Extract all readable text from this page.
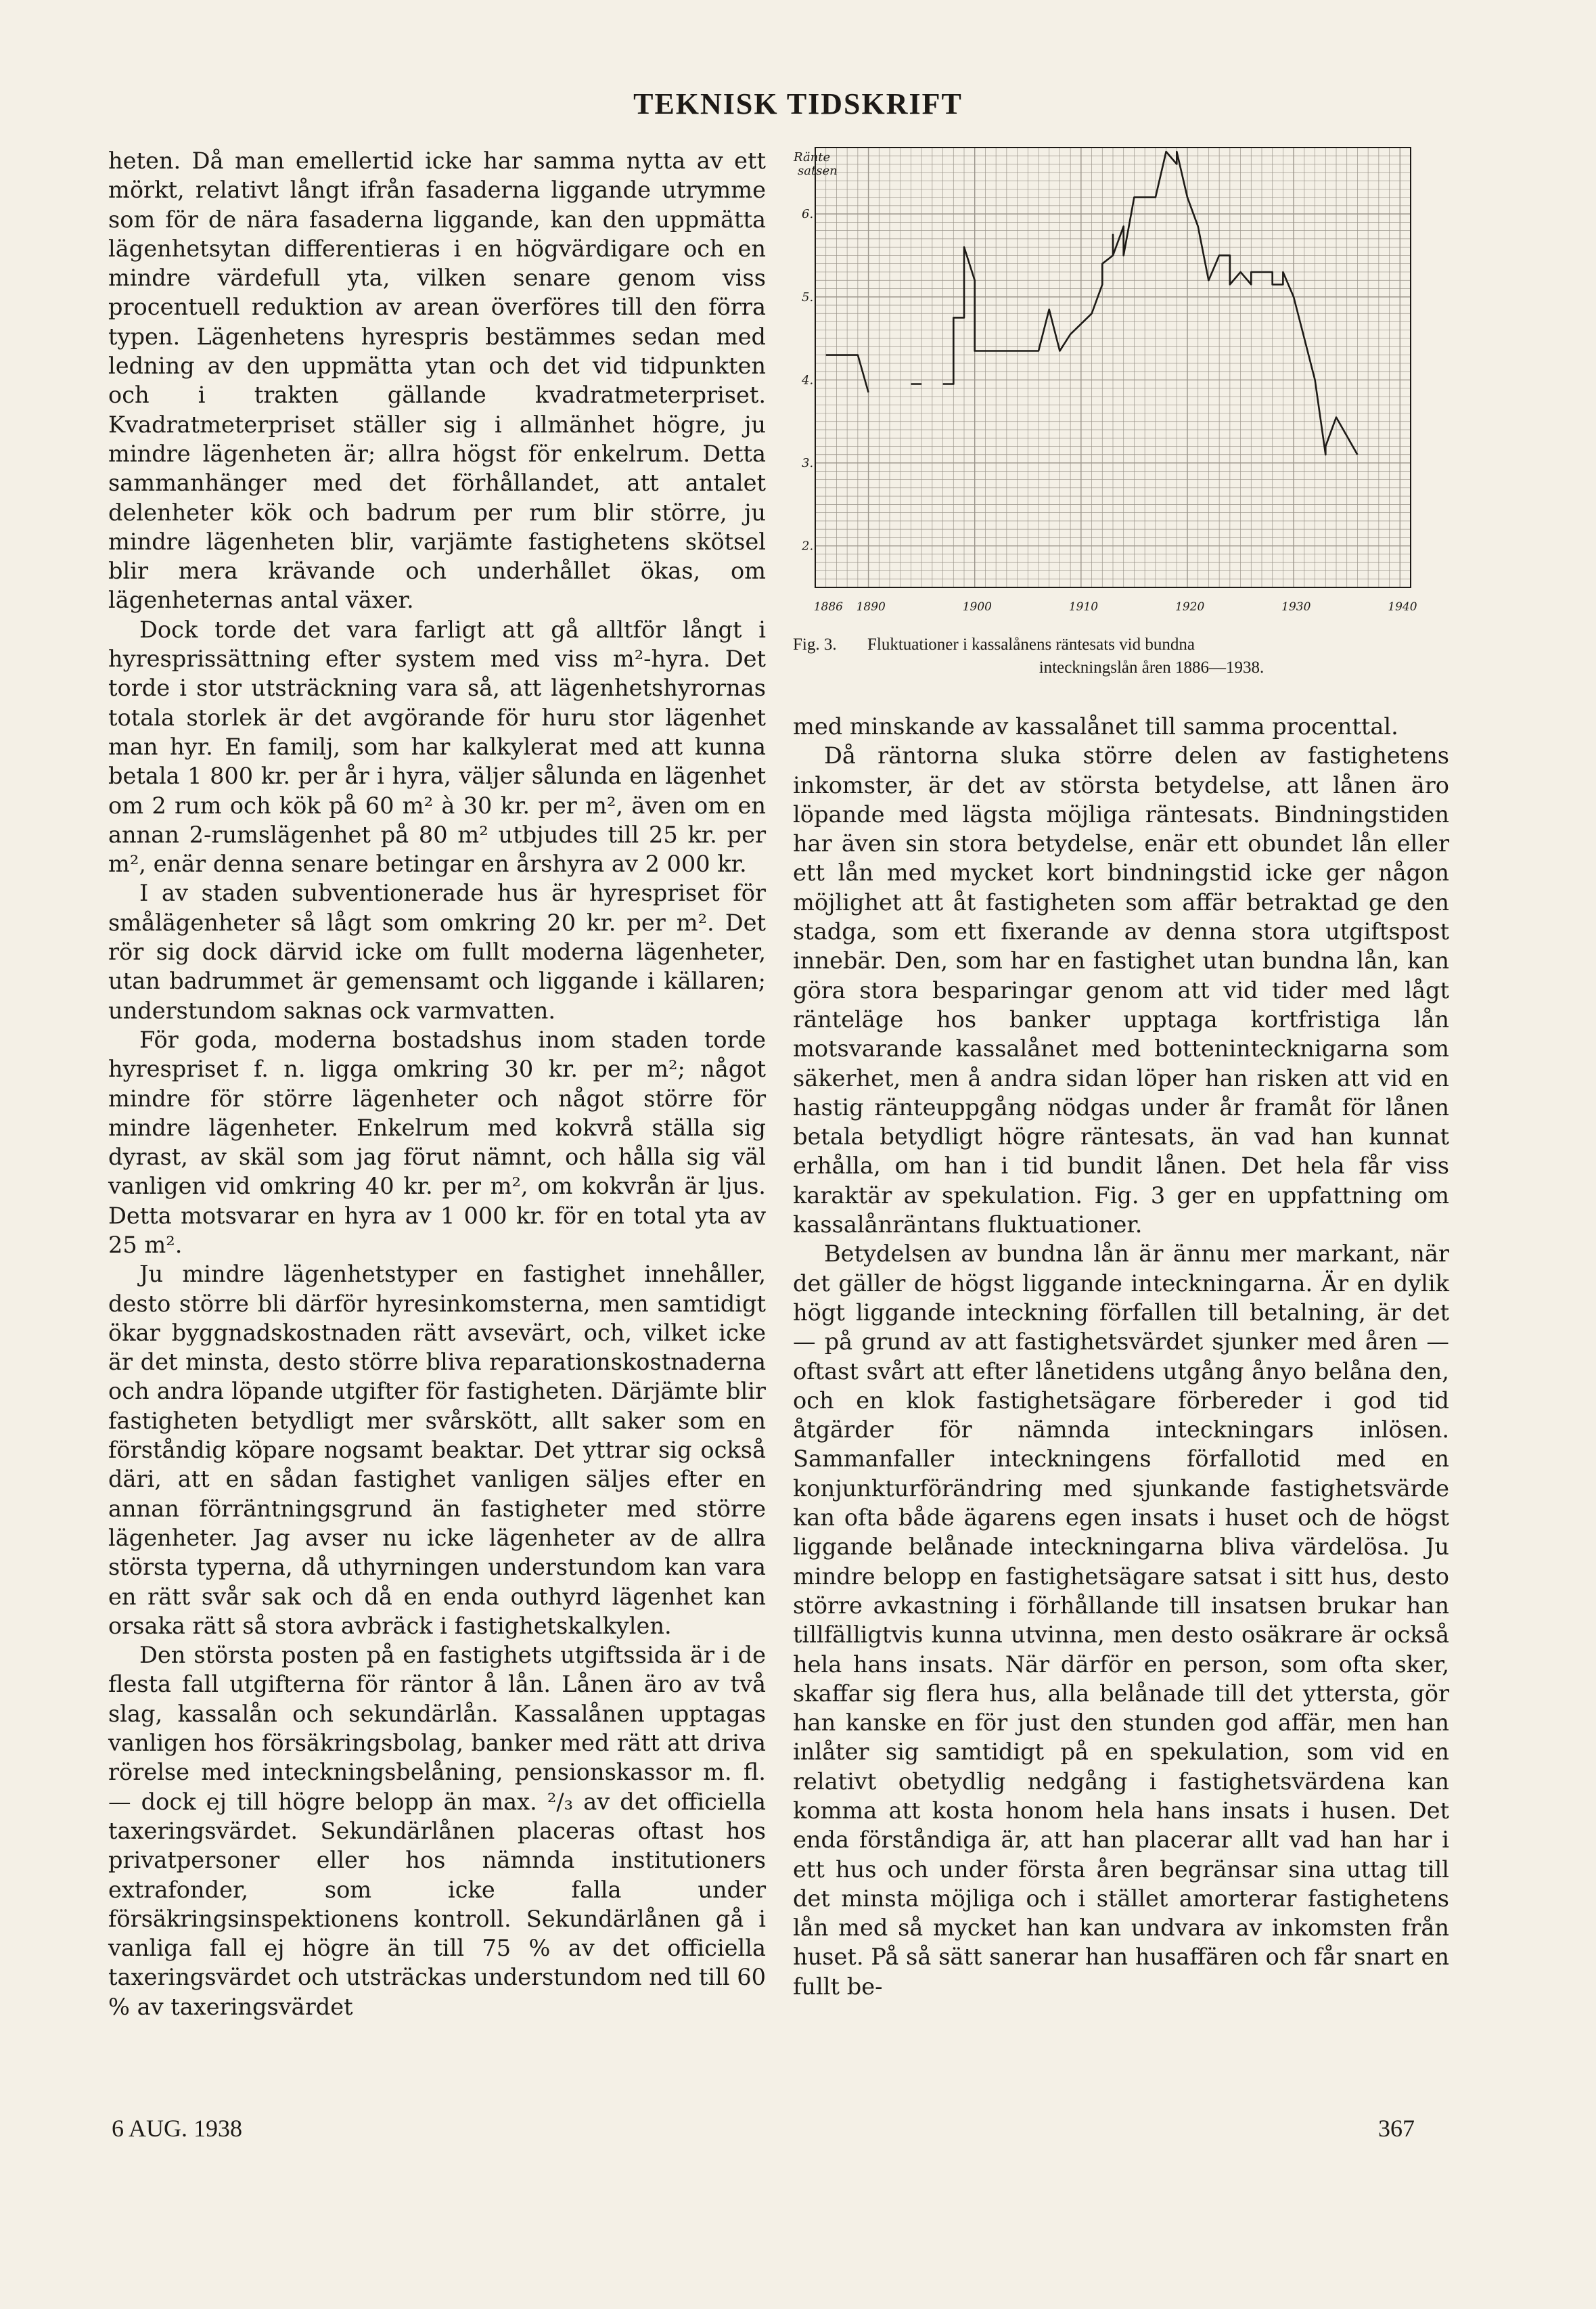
TEKNISK TIDSKRIFT
Ränte satsen
2.
3.
4.
5.
6.
1886 1890	1900	1910	1920	1930	1940
Fig. 3. Fluktuationer i kassalånens räntesats vid bundna
inteckningslån åren 1886—1938.

heten. Då man emellertid icke har samma nytta av ett mörkt, relativt långt ifrån fasaderna liggande utrymme som för de nära fasaderna liggande, kan den uppmätta lägenhetsytan differentieras i en högvärdigare och en mindre värdefull yta, vilken senare genom viss procentuell reduktion av arean överföres till den förra typen. Lägenhetens hyrespris bestämmes sedan med ledning av den uppmätta ytan och det vid tidpunkten och i trakten gällande kvadratmeterpriset. Kvadratmeterpriset ställer sig i allmänhet högre, ju mindre lägenheten är; allra högst för enkelrum. Detta sammanhänger med det förhållandet, att antalet delenheter kök och badrum per rum blir större, ju mindre lägenheten blir, varjämte fastighetens skötsel blir mera krävande och underhållet ökas, om lägenheternas antal växer.

Dock torde det vara farligt att gå alltför långt i hyresprissättning efter system med viss m²-hyra. Det torde i stor utsträckning vara så, att lägenhetshyrornas totala storlek är det avgörande för huru stor lägenhet man hyr. En familj, som har kalkylerat med att kunna betala 1 800 kr. per år i hyra, väljer sålunda en lägenhet om 2 rum och kök på 60 m² à 30 kr. per m², även om en annan 2-rumslägenhet på 80 m² utbjudes till 25 kr. per m², enär denna senare betingar en årshyra av 2 000 kr.

I av staden subventionerade hus är hyrespriset för smålägenheter så lågt som omkring 20 kr. per m². Det rör sig dock därvid icke om fullt moderna lägenheter, utan badrummet är gemensamt och liggande i källaren; understundom saknas ock varmvatten.

För goda, moderna bostadshus inom staden torde hyrespriset f. n. ligga omkring 30 kr. per m²; något mindre för större lägenheter och något större för mindre lägenheter. Enkelrum med kokvrå ställa sig dyrast, av skäl som jag förut nämnt, och hålla sig väl vanligen vid omkring 40 kr. per m², om kokvrån är ljus. Detta motsvarar en hyra av 1 000 kr. för en total yta av 25 m².

Ju mindre lägenhetstyper en fastighet innehåller, desto större bli därför hyresinkomsterna, men samtidigt ökar byggnadskostnaden rätt avsevärt, och, vilket icke är det minsta, desto större bliva reparationskostnaderna och andra löpande utgifter för fastigheten. Därjämte blir fastigheten betydligt mer svårskött, allt saker som en förståndig köpare nogsamt beaktar. Det yttrar sig också däri, att en sådan fastighet vanligen säljes efter en annan förräntningsgrund än fastigheter med större lägenheter. Jag avser nu icke lägenheter av de allra största typerna, då uthyrningen understundom kan vara en rätt svår sak och då en enda outhyrd lägenhet kan orsaka rätt så stora avbräck i fastighetskalkylen.

Den största posten på en fastighets utgiftssida är i de flesta fall utgifterna för räntor å lån. Lånen äro av två slag, kassalån och sekundärlån. Kassalånen upptagas vanligen hos försäkringsbolag, banker med rätt att driva rörelse med inteckningsbelåning, pensionskassor m. fl. — dock ej till högre belopp än max. ²/₃ av det officiella taxeringsvärdet. Sekundärlånen placeras oftast hos privatpersoner eller hos nämnda institutioners extrafonder, som icke falla under försäkringsinspektionens kontroll. Sekundärlånen gå i vanliga fall ej högre än till 75 % av det officiella taxeringsvärdet och utsträckas understundom ned till 60 % av taxeringsvärdet

med minskande av kassalånet till samma procenttal.

Då räntorna sluka större delen av fastighetens inkomster, är det av största betydelse, att lånen äro löpande med lägsta möjliga räntesats. Bindningstiden har även sin stora betydelse, enär ett obundet lån eller ett lån med mycket kort bindningstid icke ger någon möjlighet att åt fastigheten som affär betraktad ge den stadga, som ett fixerande av denna stora utgiftspost innebär. Den, som har en fastighet utan bundna lån, kan göra stora besparingar genom att vid tider med lågt ränteläge hos banker upptaga kortfristiga lån motsvarande kassalånet med bottenintecknigarna som säkerhet, men å andra sidan löper han risken att vid en hastig ränteuppgång nödgas under år framåt för lånen betala betydligt högre räntesats, än vad han kunnat erhålla, om han i tid bundit lånen. Det hela får viss karaktär av spekulation. Fig. 3 ger en uppfattning om kassalånräntans fluktuationer.

Betydelsen av bundna lån är ännu mer markant, när det gäller de högst liggande inteckningarna. Är en dylik högt liggande inteckning förfallen till betalning, är det — på grund av att fastighetsvärdet sjunker med åren — oftast svårt att efter lånetidens utgång ånyo belåna den, och en klok fastighetsägare förbereder i god tid åtgärder för nämnda inteckningars inlösen. Sammanfaller inteckningens förfallotid med en konjunkturförändring med sjunkande fastighetsvärde kan ofta både ägarens egen insats i huset och de högst liggande belånade inteckningarna bliva värdelösa. Ju mindre belopp en fastighetsägare satsat i sitt hus, desto större avkastning i förhållande till insatsen brukar han tillfälligtvis kunna utvinna, men desto osäkrare är också hela hans insats. När därför en person, som ofta sker, skaffar sig flera hus, alla belånade till det yttersta, gör han kanske en för just den stunden god affär, men han inlåter sig samtidigt på en spekulation, som vid en relativt obetydlig nedgång i fastighetsvärdena kan komma att kosta honom hela hans insats i husen. Det enda förståndiga är, att han placerar allt vad han har i ett hus och under första åren begränsar sina uttag till det minsta möjliga och i stället amorterar fastighetens lån med så mycket han kan undvara av inkomsten från huset. På så sätt sanerar han husaffären och får snart en fullt be-

6 AUG. 1938	367
